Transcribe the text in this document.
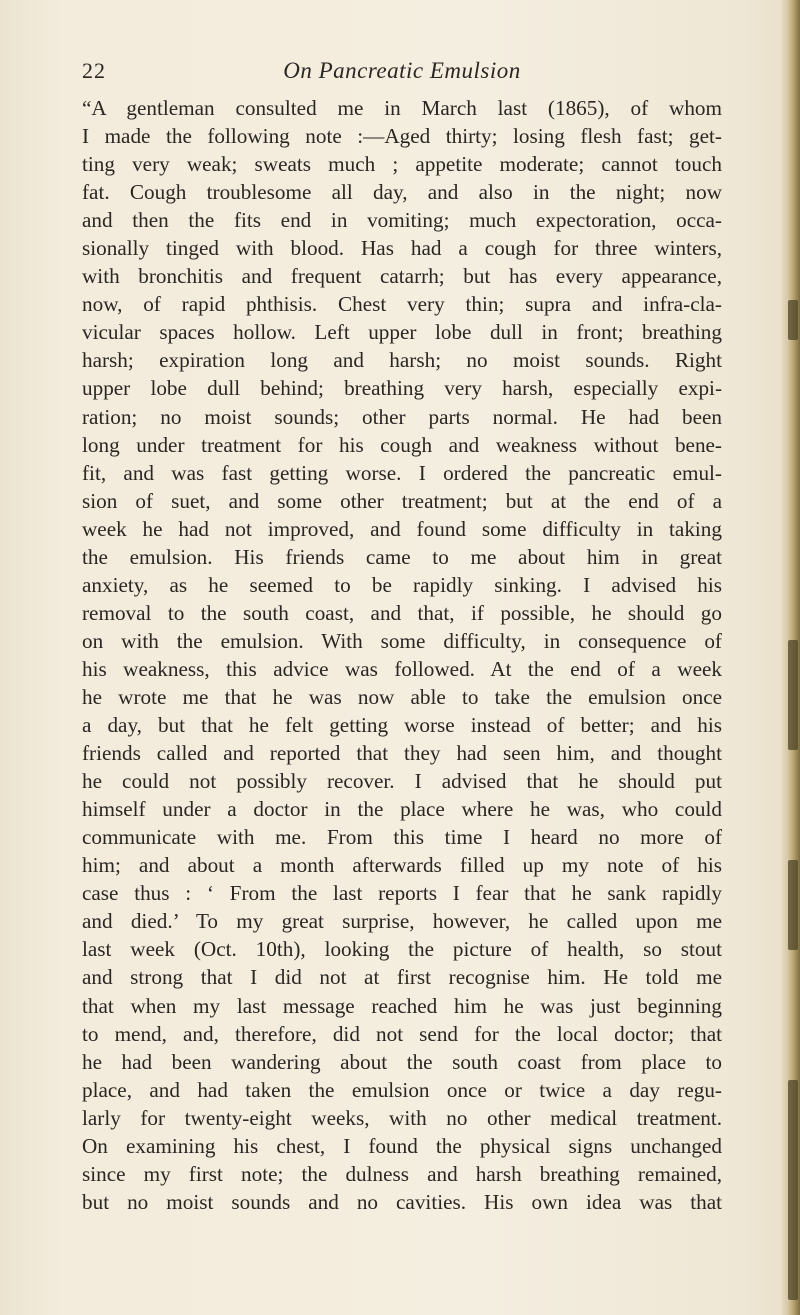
22	On Pancreatic Emulsion
“A gentleman consulted me in March last (1865), of whom
I made the following note :—Aged thirty; losing flesh fast; get-
ting very weak; sweats much ; appetite moderate; cannot touch
fat. Cough troublesome all day, and also in the night; now
and then the fits end in vomiting; much expectoration, occa-
sionally tinged with blood. Has had a cough for three winters,
with bronchitis and frequent catarrh; but has every appearance,
now, of rapid phthisis. Chest very thin; supra and infra-cla-
vicular spaces hollow. Left upper lobe dull in front; breathing
harsh; expiration long and harsh; no moist sounds. Right
upper lobe dull behind; breathing very harsh, especially expi-
ration; no moist sounds; other parts normal. He had been
long under treatment for his cough and weakness without bene-
fit, and was fast getting worse. I ordered the pancreatic emul-
sion of suet, and some other treatment; but at the end of a
week he had not improved, and found some difficulty in taking
the emulsion. His friends came to me about him in great
anxiety, as he seemed to be rapidly sinking. I advised his
removal to the south coast, and that, if possible, he should go
on with the emulsion. With some difficulty, in consequence of
his weakness, this advice was followed. At the end of a week
he wrote me that he was now able to take the emulsion once
a day, but that he felt getting worse instead of better; and his
friends called and reported that they had seen him, and thought
he could not possibly recover. I advised that he should put
himself under a doctor in the place where he was, who could
communicate with me. From this time I heard no more of
him; and about a month afterwards filled up my note of his
case thus : ‘ From the last reports I fear that he sank rapidly
and died.’ To my great surprise, however, he called upon me
last week (Oct. 10th), looking the picture of health, so stout
and strong that I did not at first recognise him. He told me
that when my last message reached him he was just beginning
to mend, and, therefore, did not send for the local doctor; that
he had been wandering about the south coast from place to
place, and had taken the emulsion once or twice a day regu-
larly for twenty-eight weeks, with no other medical treatment.
On examining his chest, I found the physical signs unchanged
since my first note; the dulness and harsh breathing remained,
but no moist sounds and no cavities. His own idea was that
